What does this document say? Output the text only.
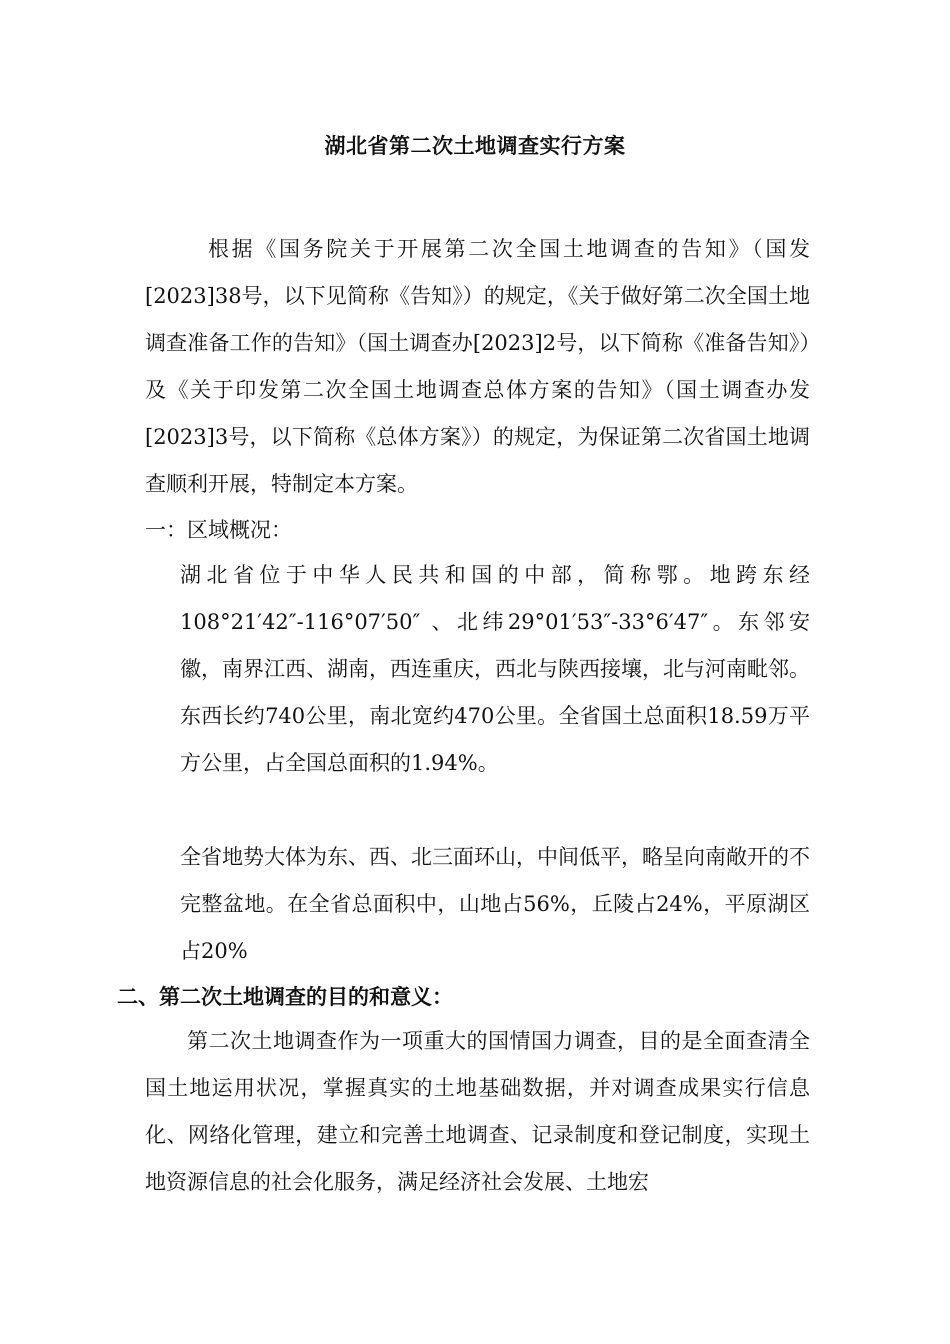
湖北省第二次土地调查实行方案

根据《国务院关于开展第二次全国土地调查的告知》（国发[2023]38号，以下见简称《告知》）的规定，《关于做好第二次全国土地调查准备工作的告知》（国土调查办[2023]2号，以下简称《准备告知》）及《关于印发第二次全国土地调查总体方案的告知》（国土调查办发[2023]3号，以下简称《总体方案》）的规定，为保证第二次省国土地调查顺利开展，特制定本方案。

一：区域概况：

湖北省位于中华人民共和国的中部，简称鄂。地跨东经108°21′42″-116°07′50″ 、北纬29°01′53″-33°6′47″。东邻安徽，南界江西、湖南，西连重庆，西北与陕西接壤，北与河南毗邻。东西长约740公里，南北宽约470公里。全省国土总面积18.59万平方公里，占全国总面积的1.94%。

全省地势大体为东、西、北三面环山，中间低平，略呈向南敞开的不完整盆地。在全省总面积中，山地占56%，丘陵占24%，平原湖区占20%

二、第二次土地调查的目的和意义：

第二次土地调查作为一项重大的国情国力调查，目的是全面查清全国土地运用状况，掌握真实的土地基础数据，并对调查成果实行信息化、网络化管理，建立和完善土地调查、记录制度和登记制度，实现土地资源信息的社会化服务，满足经济社会发展、土地宏
